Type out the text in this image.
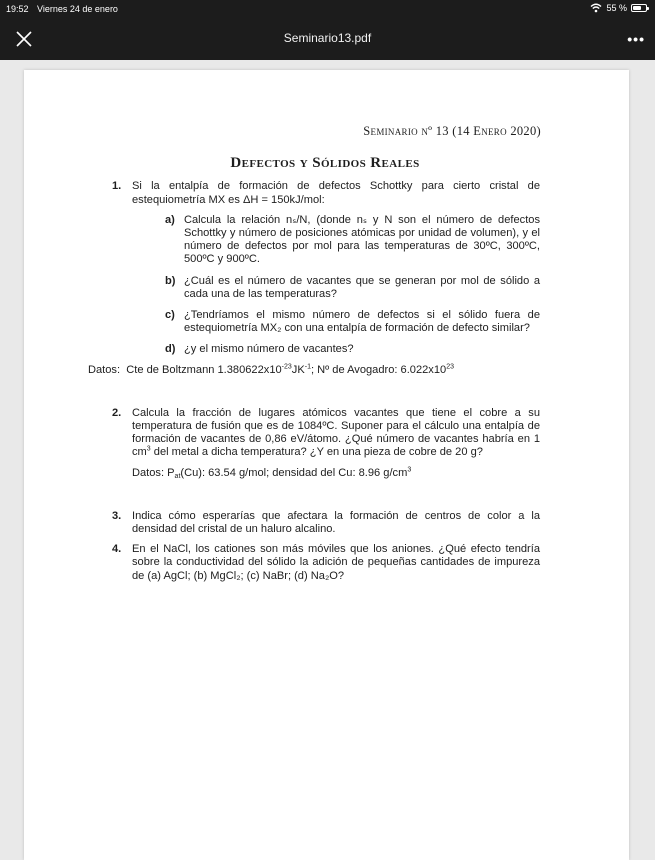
19:52 Viernes 24 de enero	55 %
Seminario13.pdf	•••
Seminario nº 13 (14 Enero 2020)
Defectos y Sólidos Reales
1. Si la entalpía de formación de defectos Schottky para cierto cristal de estequiometría MX es ΔH = 150kJ/mol:
a) Calcula la relación nₛ/N, (donde nₛ y N son el número de defectos Schottky y número de posiciones atómicas por unidad de volumen), y el número de defectos por mol para las temperaturas de 30ºC, 300ºC, 500ºC y 900ºC.
b) ¿Cuál es el número de vacantes que se generan por mol de sólido a cada una de las temperaturas?
c) ¿Tendríamos el mismo número de defectos si el sólido fuera de estequiometría MX₂ con una entalpía de formación de defecto similar?
d) ¿y el mismo número de vacantes?
Datos: Cte de Boltzmann $1.380622x10^{-23}JK^{-1}$; Nº de Avogadro: $6.022x10^{23}$
2. Calcula la fracción de lugares atómicos vacantes que tiene el cobre a su temperatura de fusión que es de 1084ºC. Suponer para el cálculo una entalpía de formación de vacantes de 0,86 eV/átomo. ¿Qué número de vacantes habría en 1 $cm^3$ del metal a dicha temperatura? ¿Y en una pieza de cobre de 20 g?
Datos: Pat(Cu): 63.54 g/mol; densidad del Cu: 8.96 $g/cm^3$
3. Indica cómo esperarías que afectara la formación de centros de color a la densidad del cristal de un haluro alcalino.
4. En el NaCl, los cationes son más móviles que los aniones. ¿Qué efecto tendría sobre la conductividad del sólido la adición de pequeñas cantidades de impureza de (a) AgCl; (b) MgCl₂; (c) NaBr; (d) Na₂O?
